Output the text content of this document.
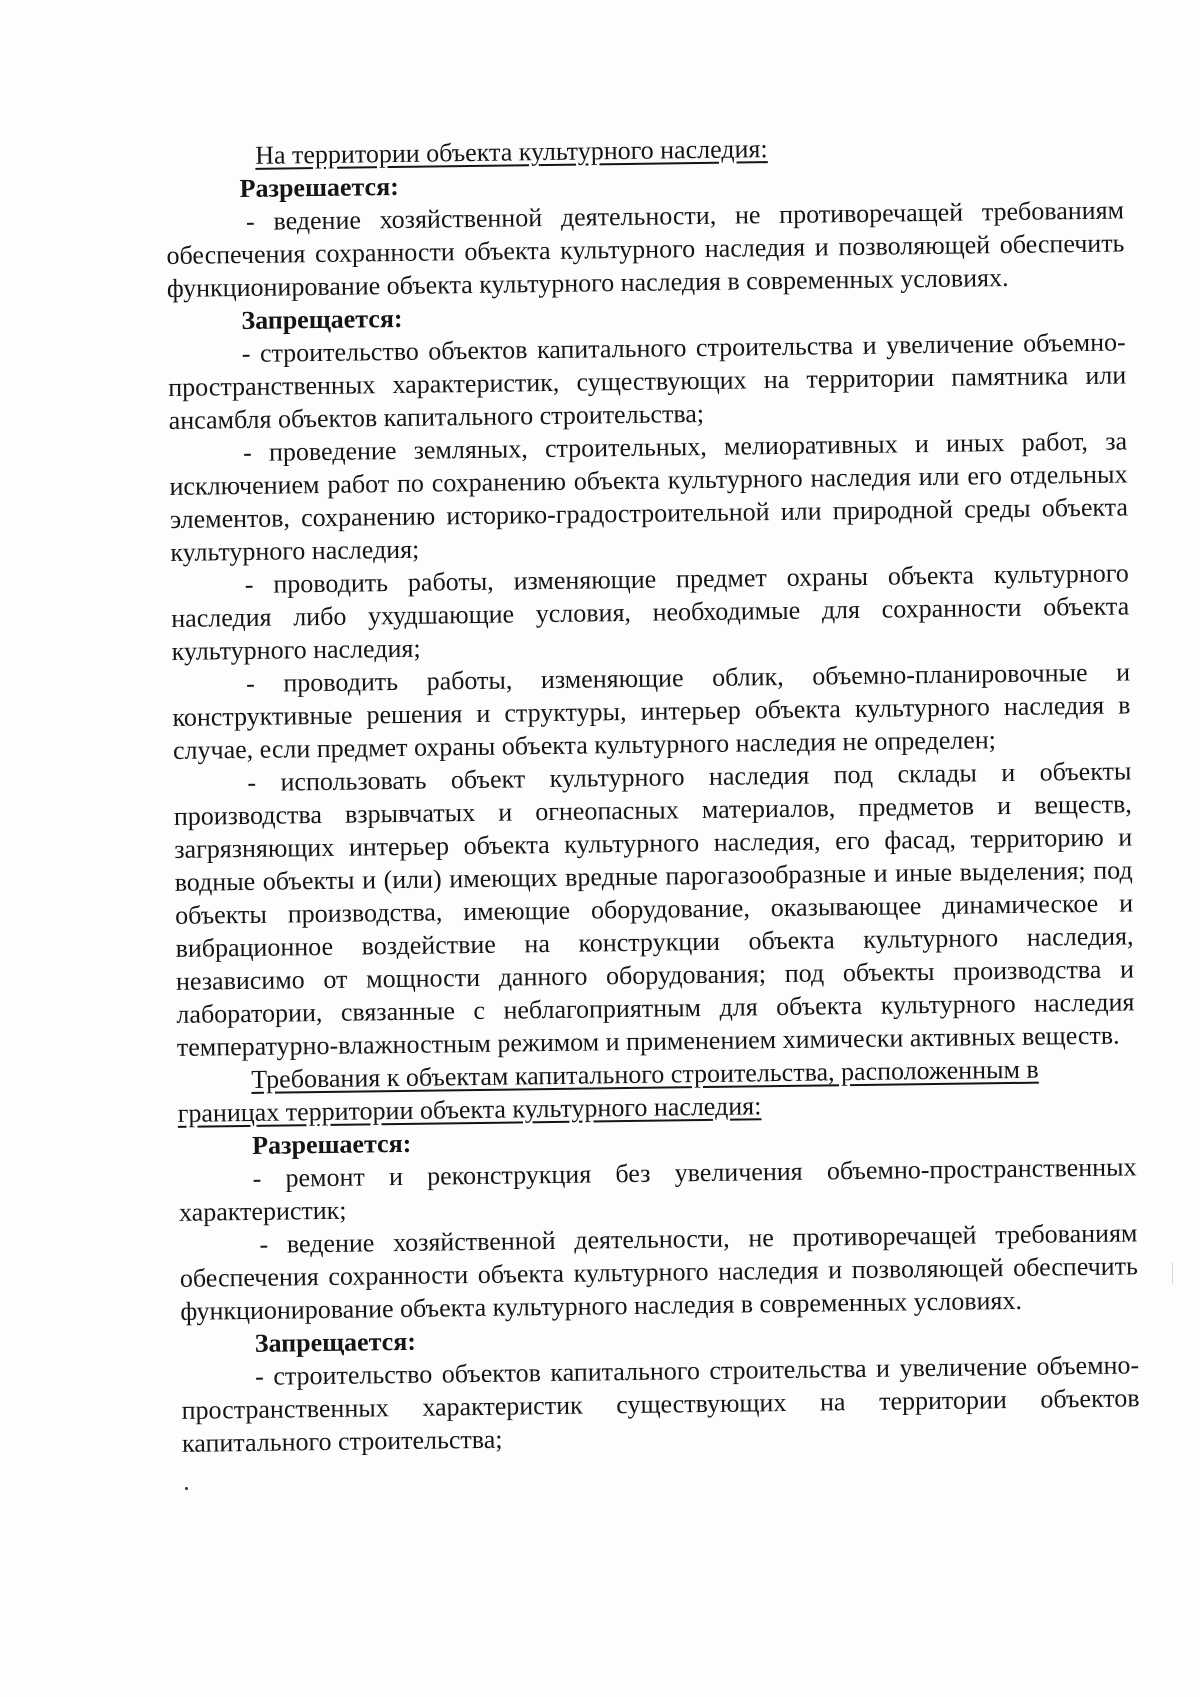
На территории объекта культурного наследия:

Разрешается:

- ведение хозяйственной деятельности, не противоречащей требованиям обеспечения сохранности объекта культурного наследия и позволяющей обеспечить функционирование объекта культурного наследия в современных условиях.

Запрещается:

- строительство объектов капитального строительства и увеличение объемно-пространственных характеристик, существующих на территории памятника или ансамбля объектов капитального строительства;

- проведение земляных, строительных, мелиоративных и иных работ, за исключением работ по сохранению объекта культурного наследия или его отдельных элементов, сохранению историко-градостроительной или природной среды объекта культурного наследия;

- проводить работы, изменяющие предмет охраны объекта культурного наследия либо ухудшающие условия, необходимые для сохранности объекта культурного наследия;

- проводить работы, изменяющие облик, объемно-планировочные и конструктивные решения и структуры, интерьер объекта культурного наследия в случае, если предмет охраны объекта культурного наследия не определен;

- использовать объект культурного наследия под склады и объекты производства взрывчатых и огнеопасных материалов, предметов и веществ, загрязняющих интерьер объекта культурного наследия, его фасад, территорию и водные объекты и (или) имеющих вредные парогазообразные и иные выделения; под объекты производства, имеющие оборудование, оказывающее динамическое и вибрационное воздействие на конструкции объекта культурного наследия, независимо от мощности данного оборудования; под объекты производства и лаборатории, связанные с неблагоприятным для объекта культурного наследия температурно-влажностным режимом и применением химически активных веществ.

Требования к объектам капитального строительства, расположенным в границах территории объекта культурного наследия:

Разрешается:

- ремонт и реконструкция без увеличения объемно-пространственных характеристик;

- ведение хозяйственной деятельности, не противоречащей требованиям обеспечения сохранности объекта культурного наследия и позволяющей обеспечить функционирование объекта культурного наследия в современных условиях.

Запрещается:

- строительство объектов капитального строительства и увеличение объемно-пространственных характеристик существующих на территории объектов капитального строительства;
